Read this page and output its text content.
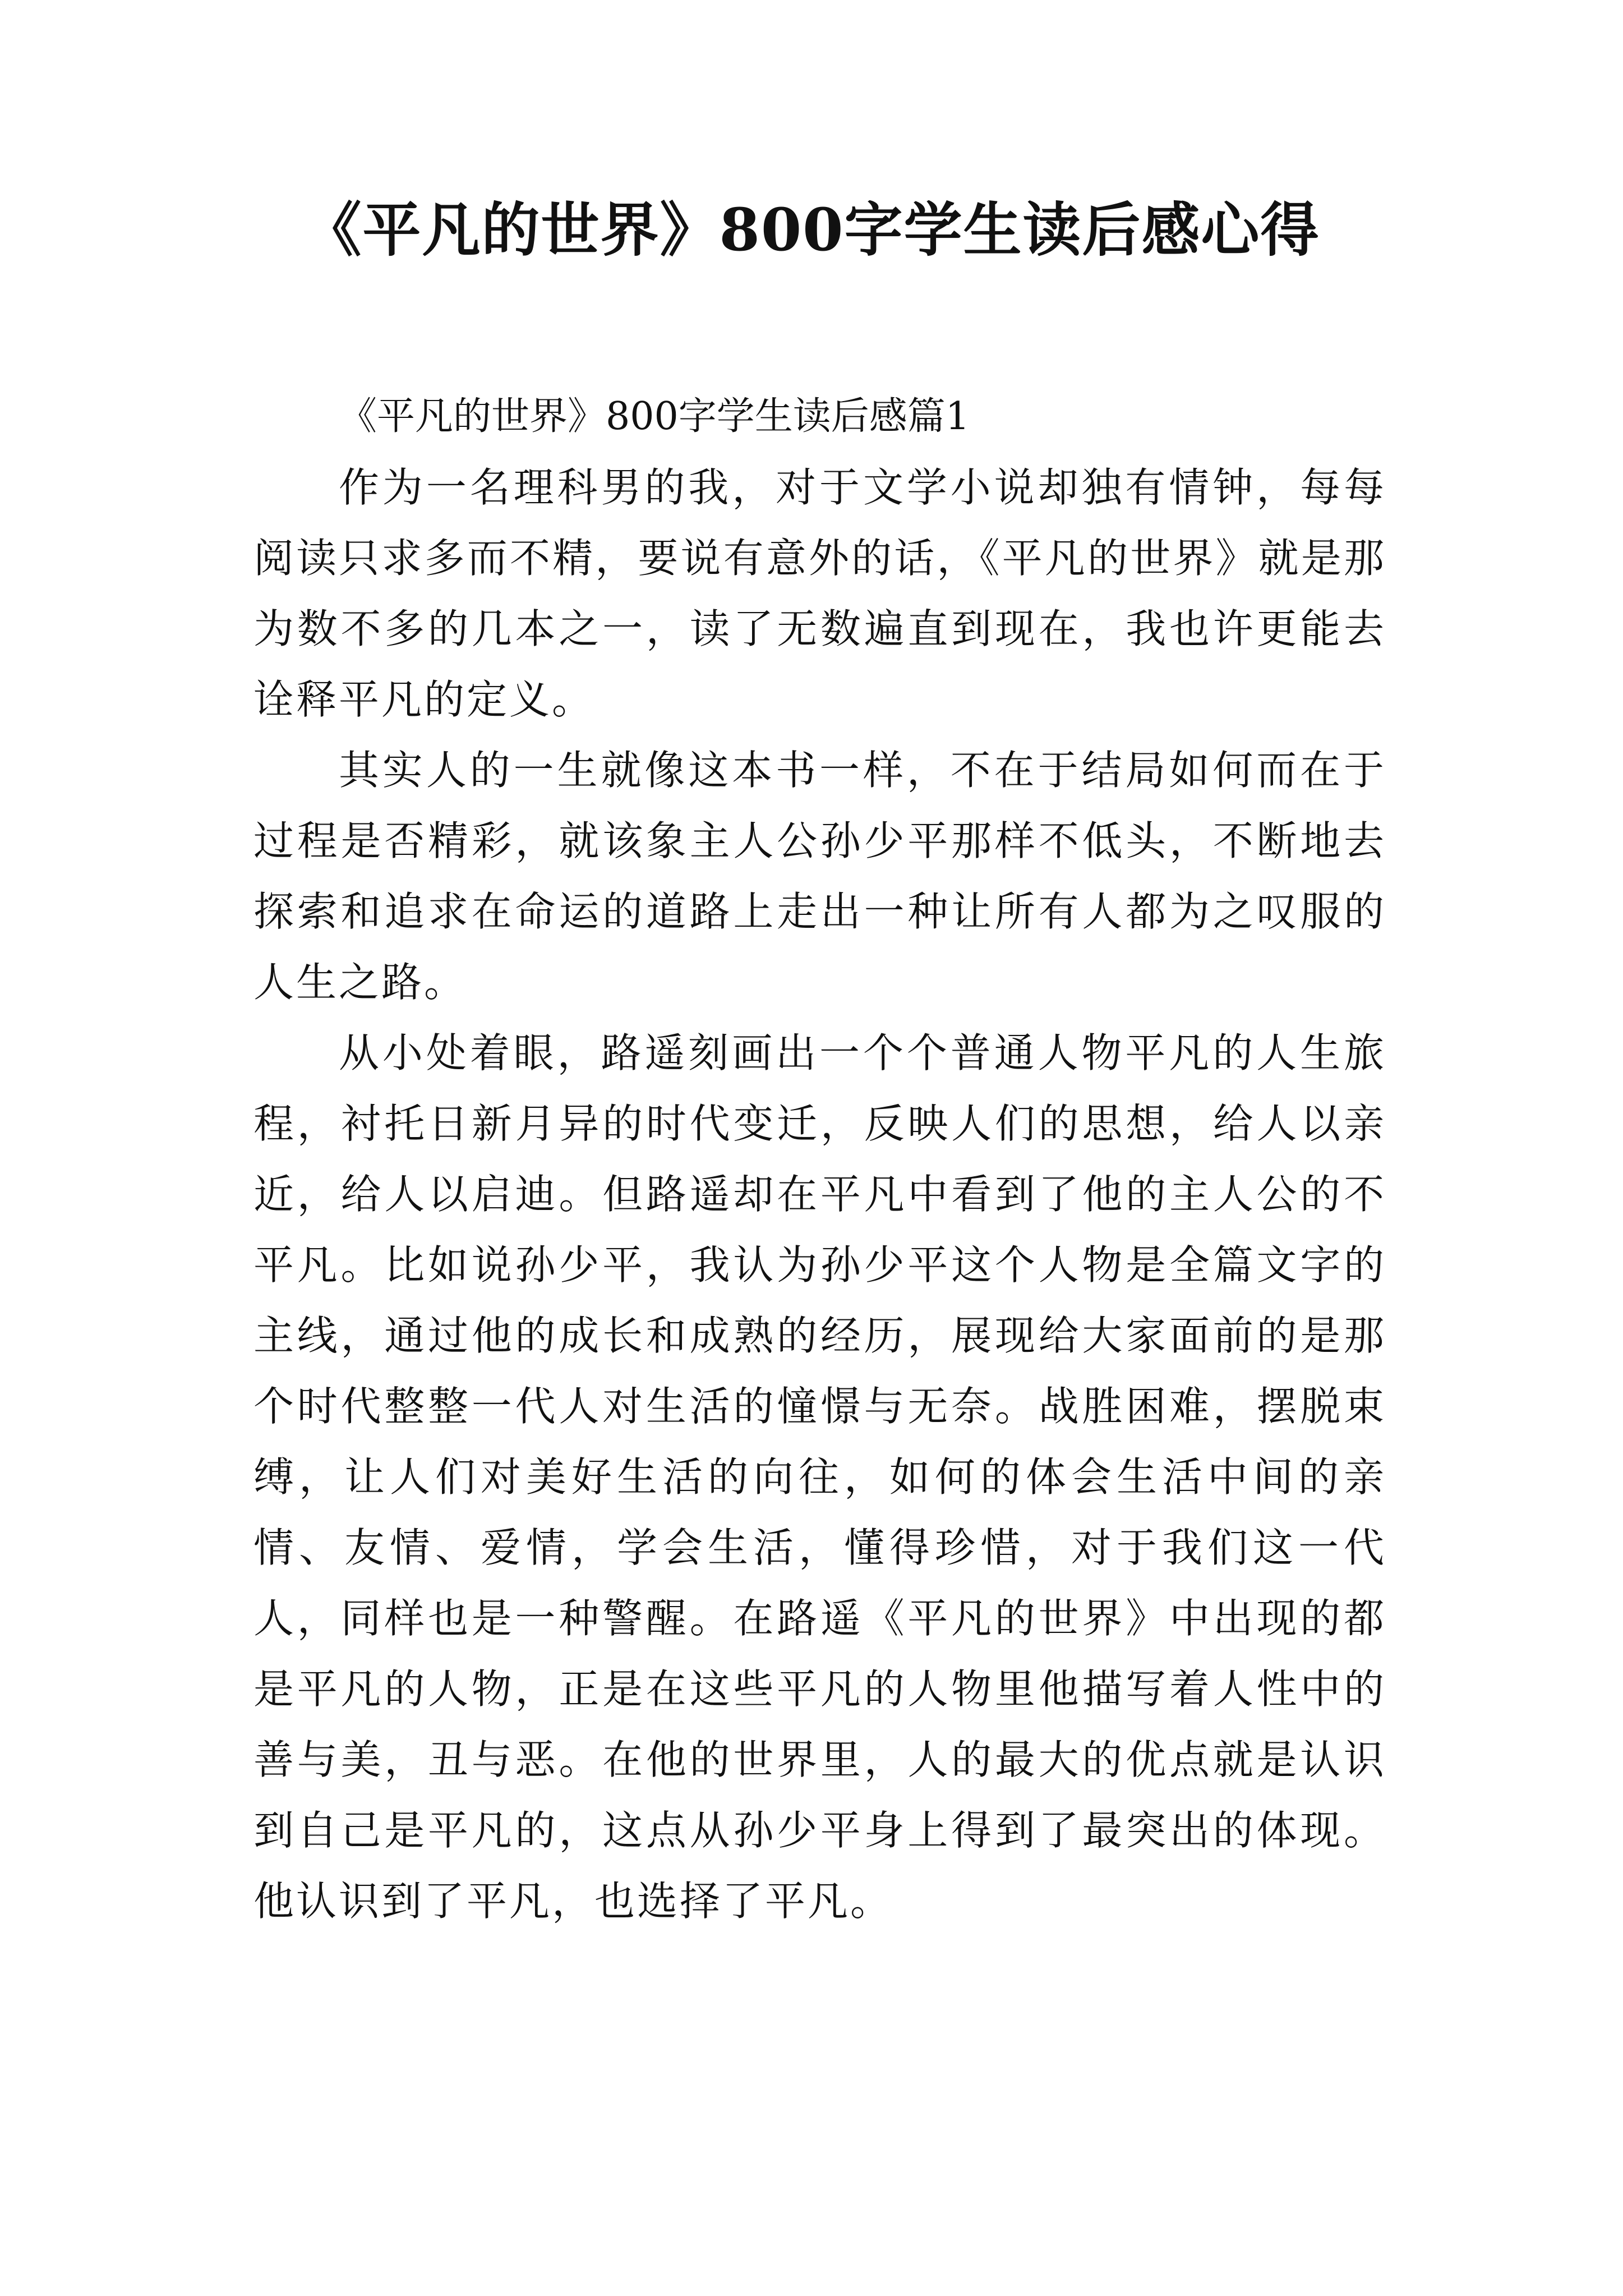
《平凡的世界》800字学生读后感心得

《平凡的世界》800字学生读后感篇1

作为一名理科男的我，对于文学小说却独有情钟，每每阅读只求多而不精，要说有意外的话，《平凡的世界》就是那为数不多的几本之一，读了无数遍直到现在，我也许更能去诠释平凡的定义。

其实人的一生就像这本书一样，不在于结局如何而在于过程是否精彩，就该象主人公孙少平那样不低头，不断地去探索和追求在命运的道路上走出一种让所有人都为之叹服的人生之路。

从小处着眼，路遥刻画出一个个普通人物平凡的人生旅程，衬托日新月异的时代变迁，反映人们的思想，给人以亲近，给人以启迪。但路遥却在平凡中看到了他的主人公的不平凡。比如说孙少平，我认为孙少平这个人物是全篇文字的主线，通过他的成长和成熟的经历，展现给大家面前的是那个时代整整一代人对生活的憧憬与无奈。战胜困难，摆脱束缚，让人们对美好生活的向往，如何的体会生活中间的亲情、友情、爱情，学会生活，懂得珍惜，对于我们这一代人，同样也是一种警醒。在路遥《平凡的世界》中出现的都是平凡的人物，正是在这些平凡的人物里他描写着人性中的善与美，丑与恶。在他的世界里，人的最大的优点就是认识到自己是平凡的，这点从孙少平身上得到了最突出的体现。他认识到了平凡，也选择了平凡。
